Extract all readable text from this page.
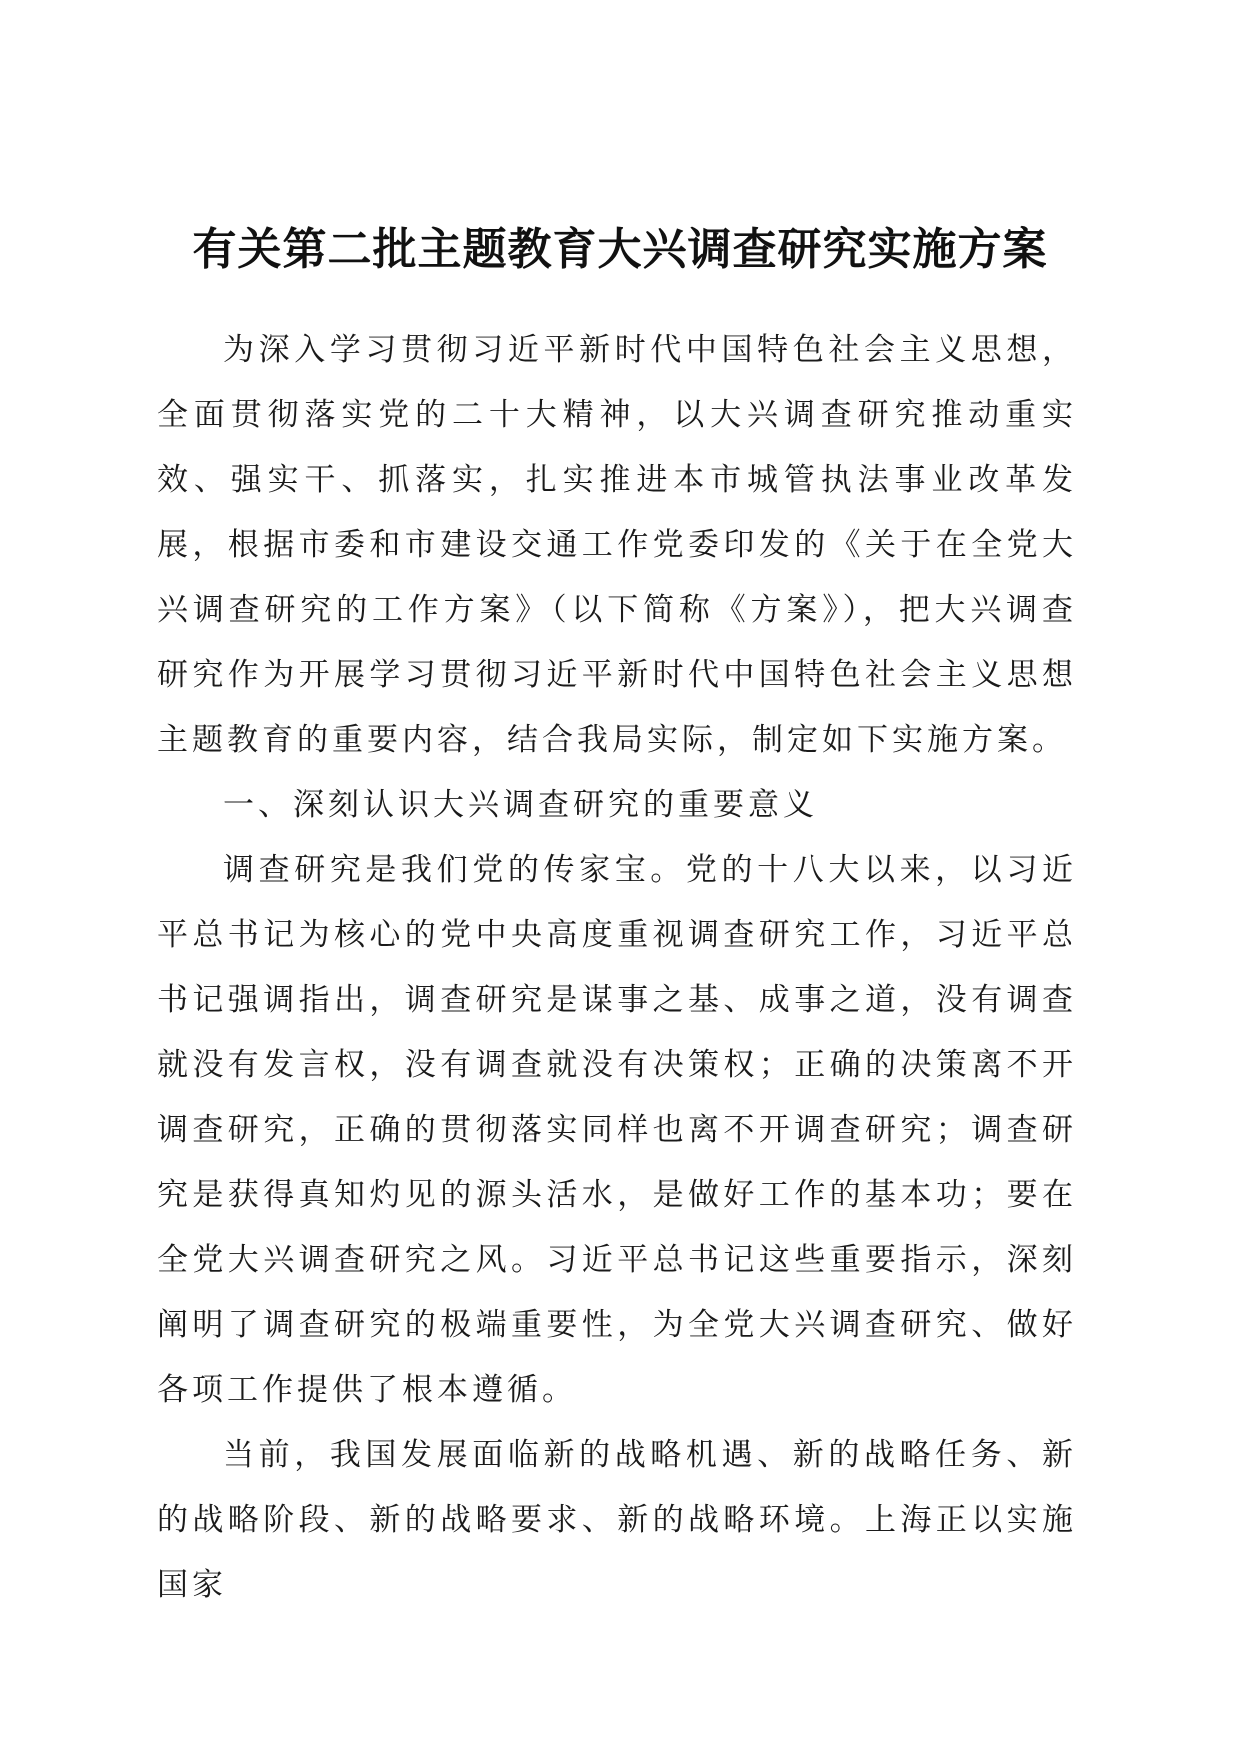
有关第二批主题教育大兴调查研究实施方案

为深入学习贯彻习近平新时代中国特色社会主义思想，全面贯彻落实党的二十大精神，以大兴调查研究推动重实效、强实干、抓落实，扎实推进本市城管执法事业改革发展，根据市委和市建设交通工作党委印发的《关于在全党大兴调查研究的工作方案》（以下简称《方案》），把大兴调查研究作为开展学习贯彻习近平新时代中国特色社会主义思想主题教育的重要内容，结合我局实际，制定如下实施方案。

一、深刻认识大兴调查研究的重要意义

调查研究是我们党的传家宝。党的十八大以来，以习近平总书记为核心的党中央高度重视调查研究工作，习近平总书记强调指出，调查研究是谋事之基、成事之道，没有调查就没有发言权，没有调查就没有决策权；正确的决策离不开调查研究，正确的贯彻落实同样也离不开调查研究；调查研究是获得真知灼见的源头活水，是做好工作的基本功；要在全党大兴调查研究之风。习近平总书记这些重要指示，深刻阐明了调查研究的极端重要性，为全党大兴调查研究、做好各项工作提供了根本遵循。

当前，我国发展面临新的战略机遇、新的战略任务、新的战略阶段、新的战略要求、新的战略环境。上海正以实施国家
